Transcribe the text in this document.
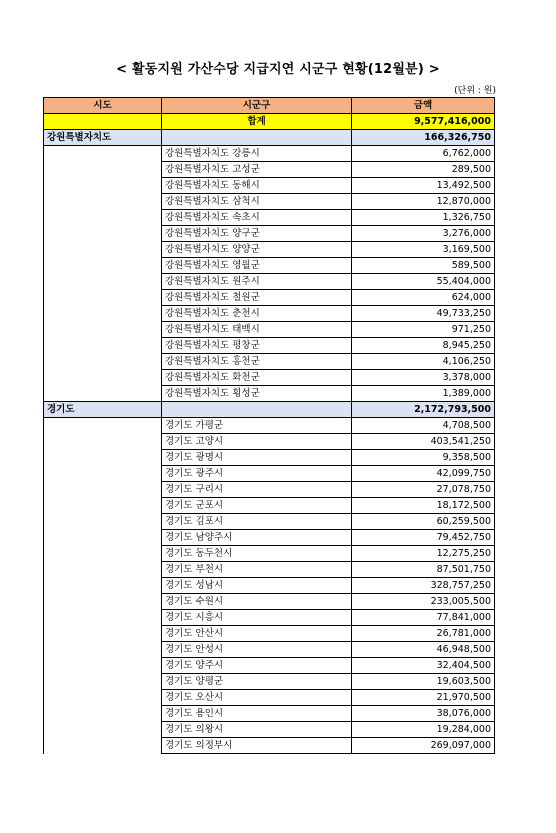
< 활동지원 가산수당 지급지연 시군구 현황(12월분) >
(단위 : 원)
시도	시군구	금액
	합계	9,577,416,000
강원특별자치도		166,326,750
	강원특별자치도 강릉시	6,762,000
	강원특별자치도 고성군	289,500
	강원특별자치도 동해시	13,492,500
	강원특별자치도 삼척시	12,870,000
	강원특별자치도 속초시	1,326,750
	강원특별자치도 양구군	3,276,000
	강원특별자치도 양양군	3,169,500
	강원특별자치도 영월군	589,500
	강원특별자치도 원주시	55,404,000
	강원특별자치도 철원군	624,000
	강원특별자치도 춘천시	49,733,250
	강원특별자치도 태백시	971,250
	강원특별자치도 평창군	8,945,250
	강원특별자치도 홍천군	4,106,250
	강원특별자치도 화천군	3,378,000
	강원특별자치도 횡성군	1,389,000
경기도		2,172,793,500
	경기도 가평군	4,708,500
	경기도 고양시	403,541,250
	경기도 광명시	9,358,500
	경기도 광주시	42,099,750
	경기도 구리시	27,078,750
	경기도 군포시	18,172,500
	경기도 김포시	60,259,500
	경기도 남양주시	79,452,750
	경기도 동두천시	12,275,250
	경기도 부천시	87,501,750
	경기도 성남시	328,757,250
	경기도 수원시	233,005,500
	경기도 시흥시	77,841,000
	경기도 안산시	26,781,000
	경기도 안성시	46,948,500
	경기도 양주시	32,404,500
	경기도 양평군	19,603,500
	경기도 오산시	21,970,500
	경기도 용인시	38,076,000
	경기도 의왕시	19,284,000
	경기도 의정부시	269,097,000
